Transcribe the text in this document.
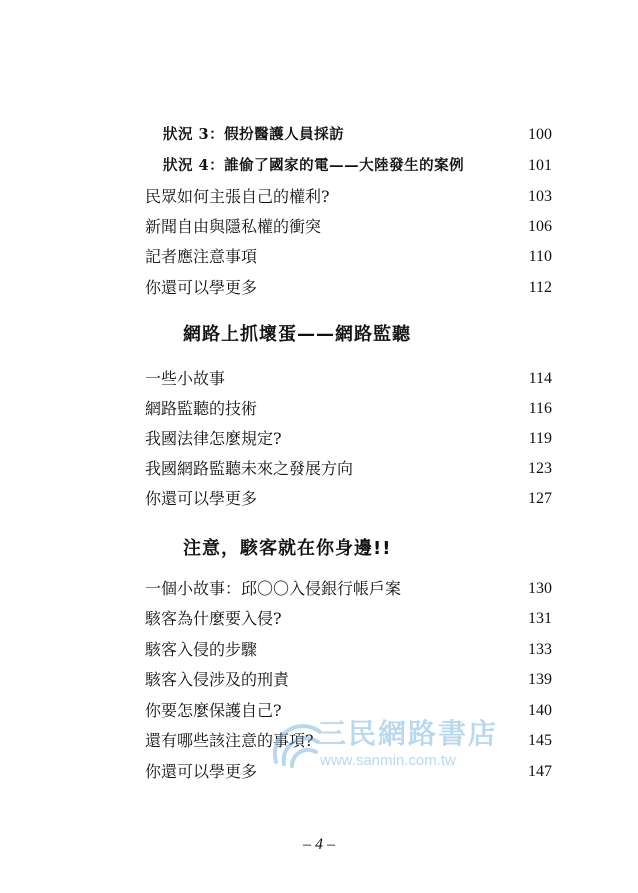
狀況 3：假扮醫護人員採訪	100
狀況 4：誰偷了國家的電——大陸發生的案例	101
民眾如何主張自己的權利?	103
新聞自由與隱私權的衝突	106
記者應注意事項	110
你還可以學更多	112
網路上抓壞蛋——網路監聽
一些小故事	114
網路監聽的技術	116
我國法律怎麼規定?	119
我國網路監聽未來之發展方向	123
你還可以學更多	127
注意，駭客就在你身邊!!
一個小故事：邱〇〇入侵銀行帳戶案	130
駭客為什麼要入侵?	131
駭客入侵的步驟	133
駭客入侵涉及的刑責	139
你要怎麼保護自己?	140
還有哪些該注意的事項?	145
你還可以學更多	147
三民網路書店
www.sanmin.com.tw
– 4 –
